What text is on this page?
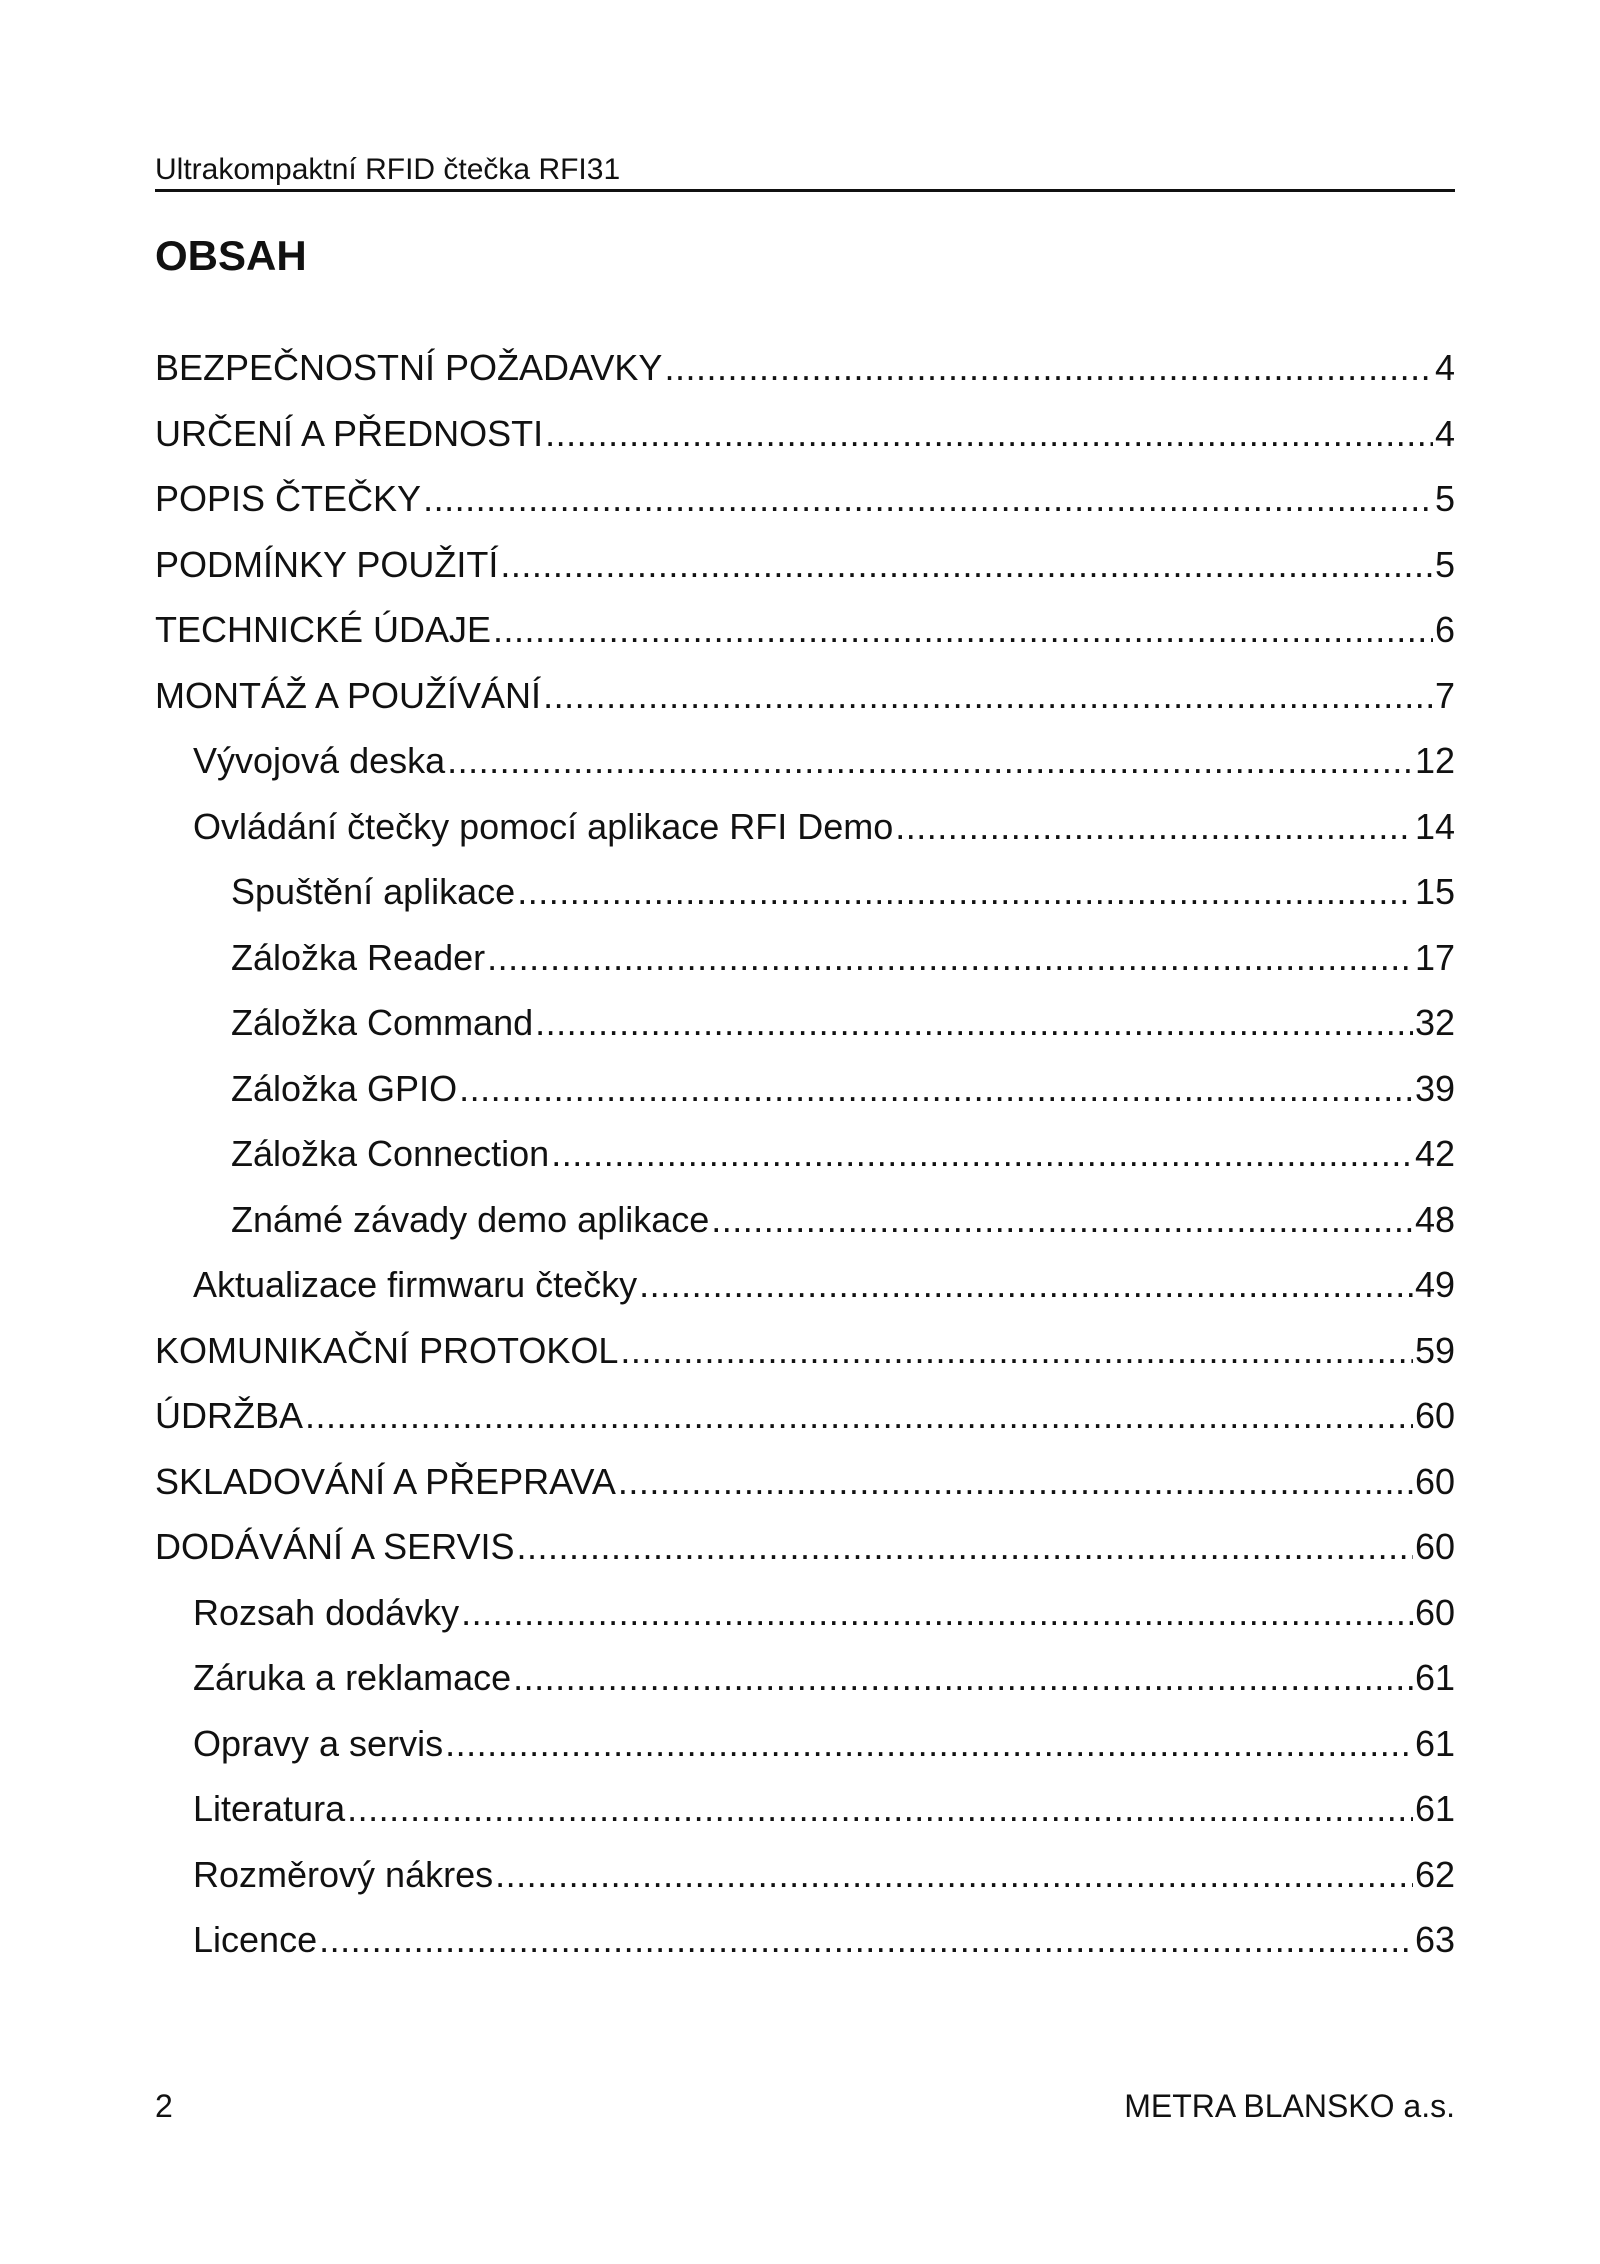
Ultrakompaktní RFID čtečka RFI31
OBSAH
BEZPEČNOSTNÍ POŽADAVKY .....	4
URČENÍ A PŘEDNOSTI .....	4
POPIS ČTEČKY .....	5
PODMÍNKY POUŽITÍ .....	5
TECHNICKÉ ÚDAJE .....	6
MONTÁŽ A POUŽÍVÁNÍ .....	7
Vývojová deska .....	12
Ovládání čtečky pomocí aplikace RFI Demo .....	14
Spuštění aplikace .....	15
Záložka Reader .....	17
Záložka Command .....	32
Záložka GPIO .....	39
Záložka Connection .....	42
Známé závady demo aplikace .....	48
Aktualizace firmwaru čtečky .....	49
KOMUNIKAČNÍ PROTOKOL .....	59
ÚDRŽBA .....	60
SKLADOVÁNÍ A PŘEPRAVA .....	60
DODÁVÁNÍ A SERVIS .....	60
Rozsah dodávky .....	60
Záruka a reklamace .....	61
Opravy a servis .....	61
Literatura .....	61
Rozměrový nákres .....	62
Licence .....	63
2	METRA BLANSKO a.s.
